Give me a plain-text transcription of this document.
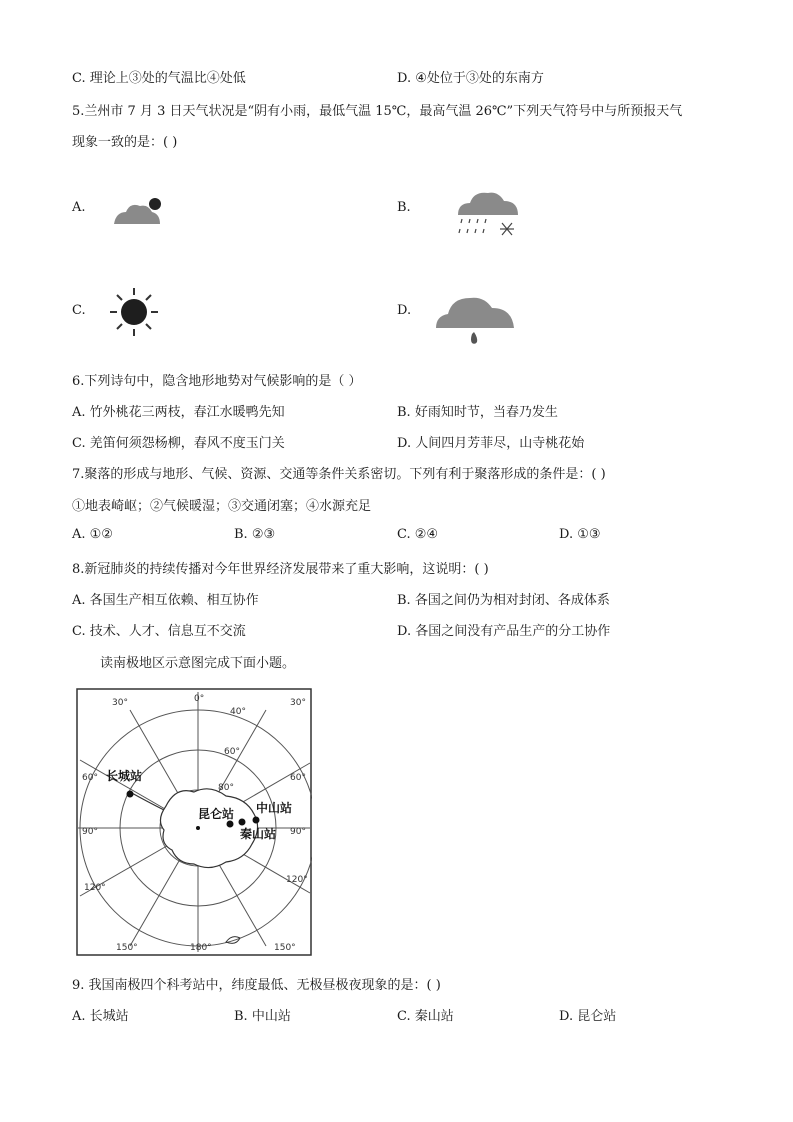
C. 理论上③处的气温比④处低	D. ④处位于③处的东南方
5.兰州市 7 月 3 日天气状况是“阴有小雨，最低气温 15℃，最高气温 26℃”下列天气符号中与所预报天气
现象一致的是：( )
A.	B.
C.	D.
6.下列诗句中，隐含地形地势对气候影响的是（ ）
A. 竹外桃花三两枝，春江水暖鸭先知	B. 好雨知时节，当春乃发生
C. 羌笛何须怨杨柳，春风不度玉门关	D. 人间四月芳菲尽，山寺桃花始
7.聚落的形成与地形、气候、资源、交通等条件关系密切。下列有利于聚落形成的条件是：( )
①地表崎岖；②气候暖湿；③交通闭塞；④水源充足
A. ①②	B. ②③	C. ②④	D. ①③
8.新冠肺炎的持续传播对今年世界经济发展带来了重大影响，这说明：( )
A. 各国生产相互依赖、相互协作	B. 各国之间仍为相对封闭、各成体系
C. 技术、人才、信息互不交流	D. 各国之间没有产品生产的分工协作
读南极地区示意图完成下面小题。
0°
30°
60°
90°
120°
150°	180°	150°
120°
90°
60°
30°
40°
60°
80°
长城站
中山站
昆仑站
秦山站
9. 我国南极四个科考站中，纬度最低、无极昼极夜现象的是：( )
A. 长城站	B. 中山站	C. 秦山站	D. 昆仑站
